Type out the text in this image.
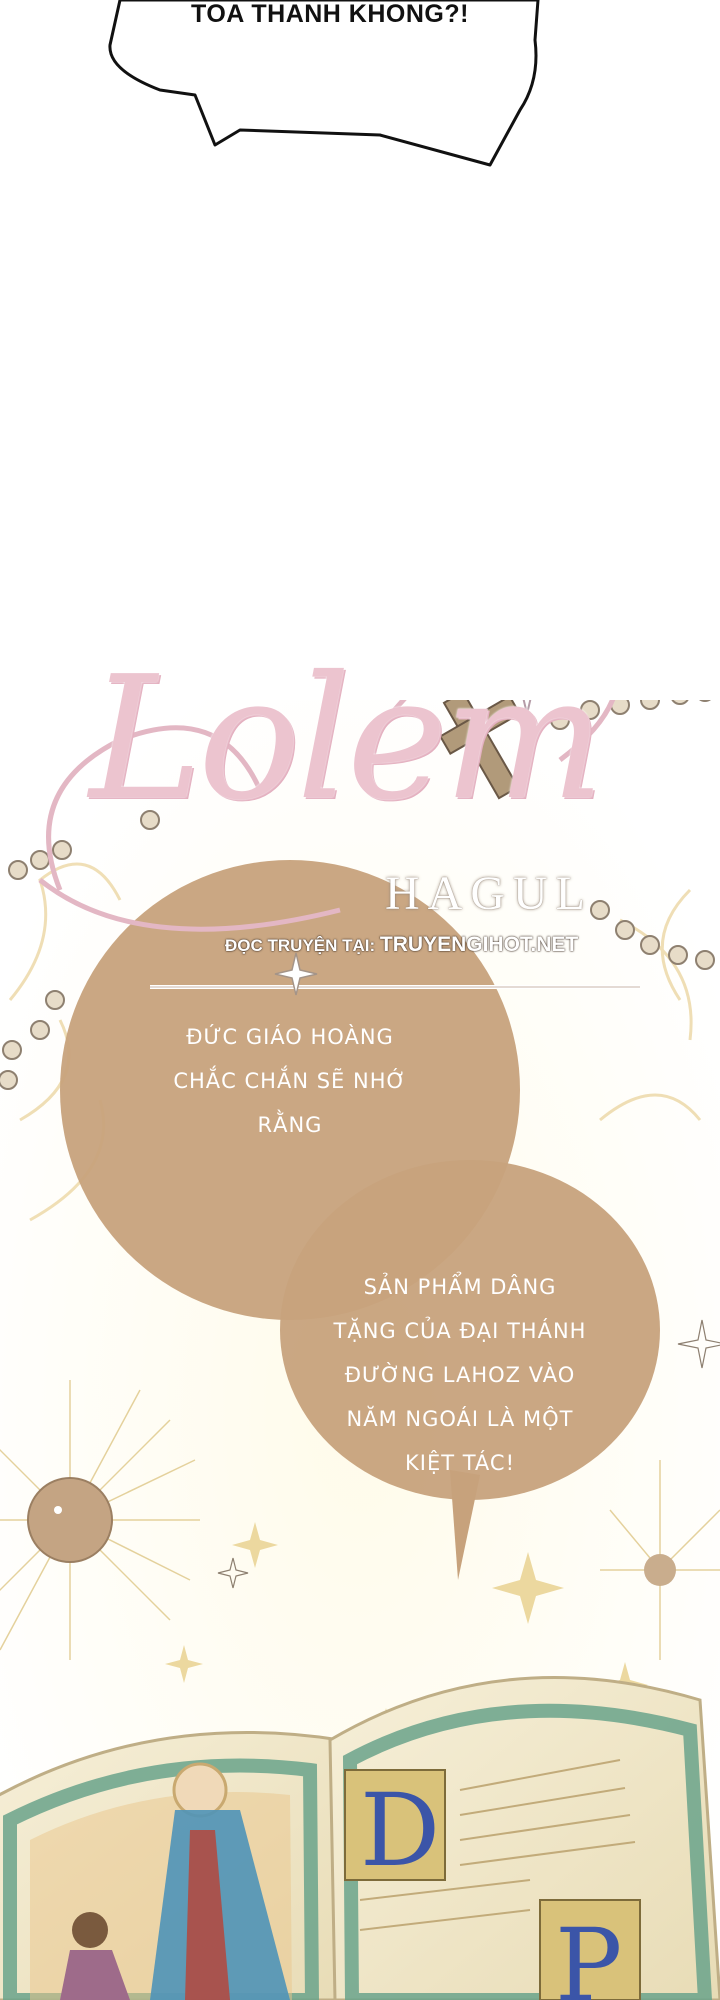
TOA THANH KHONG?!
D
P
Lolem
HAGUL
ĐỌC TRUYỆN TẠI: TRUYENGIHOT.NET
ĐỨC GIÁO HOÀNG
CHẮC CHẮN SẼ NHỚ
RẰNG
SẢN PHẨM DÂNG
TẶNG CỦA ĐẠI THÁNH
ĐƯỜNG LAHOZ VÀO
NĂM NGOÁI LÀ MỘT
KIỆT TÁC!
